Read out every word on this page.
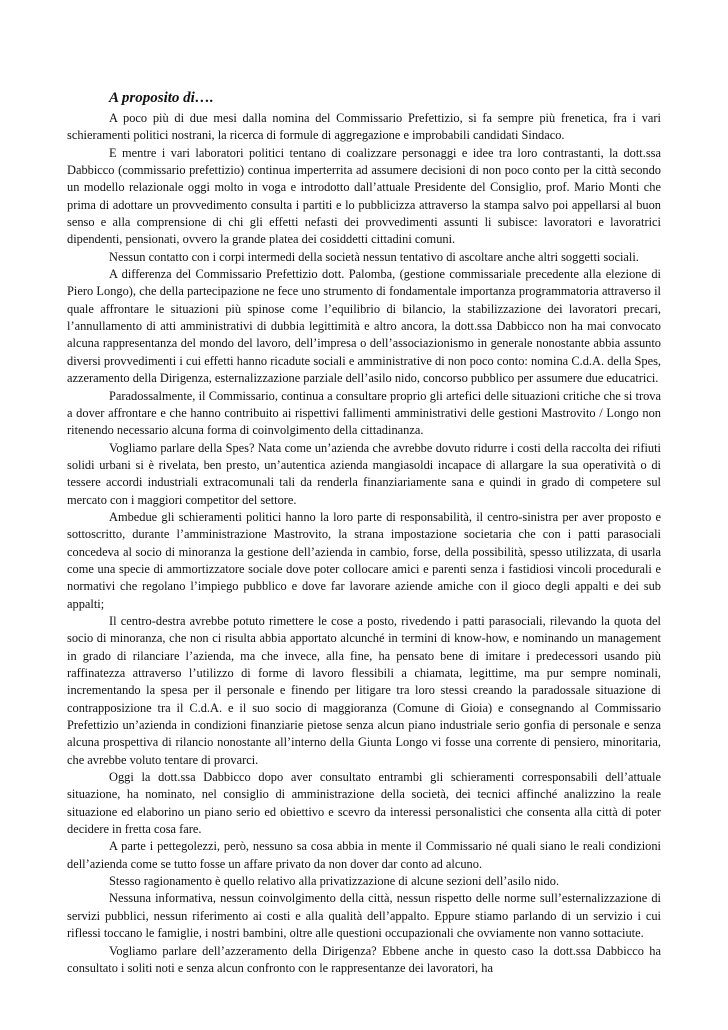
A proposito di….

A poco più di due mesi dalla nomina del Commissario Prefettizio, si fa sempre più frenetica, fra i vari schieramenti politici nostrani, la ricerca di formule di aggregazione e improbabili candidati Sindaco.

E mentre i vari laboratori politici tentano di coalizzare personaggi e idee tra loro contrastanti, la dott.ssa Dabbicco (commissario prefettizio) continua imperterrita ad assumere decisioni di non poco conto per la città secondo un modello relazionale oggi molto in voga e introdotto dall’attuale Presidente del Consiglio, prof. Mario Monti che prima di adottare un provvedimento consulta i partiti e lo pubblicizza attraverso la stampa salvo poi appellarsi al buon senso e alla comprensione di chi gli effetti nefasti dei provvedimenti assunti li subisce: lavoratori e lavoratrici dipendenti, pensionati, ovvero la grande platea dei cosiddetti cittadini comuni.

Nessun contatto con i corpi intermedi della società nessun tentativo di ascoltare anche altri soggetti sociali.

A differenza del Commissario Prefettizio dott. Palomba, (gestione commissariale precedente alla elezione di Piero Longo), che della partecipazione ne fece uno strumento di fondamentale importanza programmatoria attraverso il quale affrontare le situazioni più spinose come l’equilibrio di bilancio, la stabilizzazione dei lavoratori precari, l’annullamento di atti amministrativi di dubbia legittimità e altro ancora, la dott.ssa Dabbicco non ha mai convocato alcuna rappresentanza del mondo del lavoro, dell’impresa o dell’associazionismo in generale nonostante abbia assunto diversi provvedimenti i cui effetti hanno ricadute sociali e amministrative di non poco conto: nomina C.d.A. della Spes, azzeramento della Dirigenza, esternalizzazione parziale dell’asilo nido, concorso pubblico per assumere due educatrici.

Paradossalmente, il Commissario, continua a consultare proprio gli artefici delle situazioni critiche che si trova a dover affrontare e che hanno contribuito ai rispettivi fallimenti amministrativi delle gestioni Mastrovito / Longo non ritenendo necessario alcuna forma di coinvolgimento della cittadinanza.

Vogliamo parlare della Spes? Nata come un’azienda che avrebbe dovuto ridurre i costi della raccolta dei rifiuti solidi urbani si è rivelata, ben presto, un’autentica azienda mangiasoldi incapace di allargare la sua operatività o di tessere accordi industriali extracomunali tali da renderla finanziariamente sana e quindi in grado di competere sul mercato con i maggiori competitor del settore.

Ambedue gli schieramenti politici hanno la loro parte di responsabilità, il centro-sinistra per aver proposto e sottoscritto, durante l’amministrazione Mastrovito, la strana impostazione societaria che con i patti parasociali concedeva al socio di minoranza la gestione dell’azienda in cambio, forse, della possibilità, spesso utilizzata, di usarla come una specie di ammortizzatore sociale dove poter collocare amici e parenti senza i fastidiosi vincoli procedurali e normativi che regolano l’impiego pubblico e dove far lavorare aziende amiche con il gioco degli appalti e dei sub appalti;

Il centro-destra avrebbe potuto rimettere le cose a posto, rivedendo i patti parasociali, rilevando la quota del socio di minoranza, che non ci risulta abbia apportato alcunché in termini di know-how, e nominando un management in grado di rilanciare l’azienda, ma che invece, alla fine, ha pensato bene di imitare i predecessori usando più raffinatezza attraverso l’utilizzo di forme di lavoro flessibili a chiamata, legittime, ma pur sempre nominali, incrementando la spesa per il personale e finendo per litigare tra loro stessi creando la paradossale situazione di contrapposizione tra il C.d.A. e il suo socio di maggioranza (Comune di Gioia) e consegnando al Commissario Prefettizio un’azienda in condizioni finanziarie pietose senza alcun piano industriale serio gonfia di personale e senza alcuna prospettiva di rilancio nonostante all’interno della Giunta Longo vi fosse una corrente di pensiero, minoritaria, che avrebbe voluto tentare di provarci.

Oggi la dott.ssa Dabbicco dopo aver consultato entrambi gli schieramenti corresponsabili dell’attuale situazione, ha nominato, nel consiglio di amministrazione della società, dei tecnici affinché analizzino la reale situazione ed elaborino un piano serio ed obiettivo e scevro da interessi personalistici che consenta alla città di poter decidere in fretta cosa fare.

A parte i pettegolezzi, però, nessuno sa cosa abbia in mente il Commissario né quali siano le reali condizioni dell’azienda come se tutto fosse un affare privato da non dover dar conto ad alcuno.

Stesso ragionamento è quello relativo alla privatizzazione di alcune sezioni dell’asilo nido.

Nessuna informativa, nessun coinvolgimento della città, nessun rispetto delle norme sull’esternalizzazione di servizi pubblici, nessun riferimento ai costi e alla qualità dell’appalto. Eppure stiamo parlando di un servizio i cui riflessi toccano le famiglie, i nostri bambini, oltre alle questioni occupazionali che ovviamente non vanno sottaciute.

Vogliamo parlare dell’azzeramento della Dirigenza? Ebbene anche in questo caso la dott.ssa Dabbicco ha consultato i soliti noti e senza alcun confronto con le rappresentanze dei lavoratori, ha
